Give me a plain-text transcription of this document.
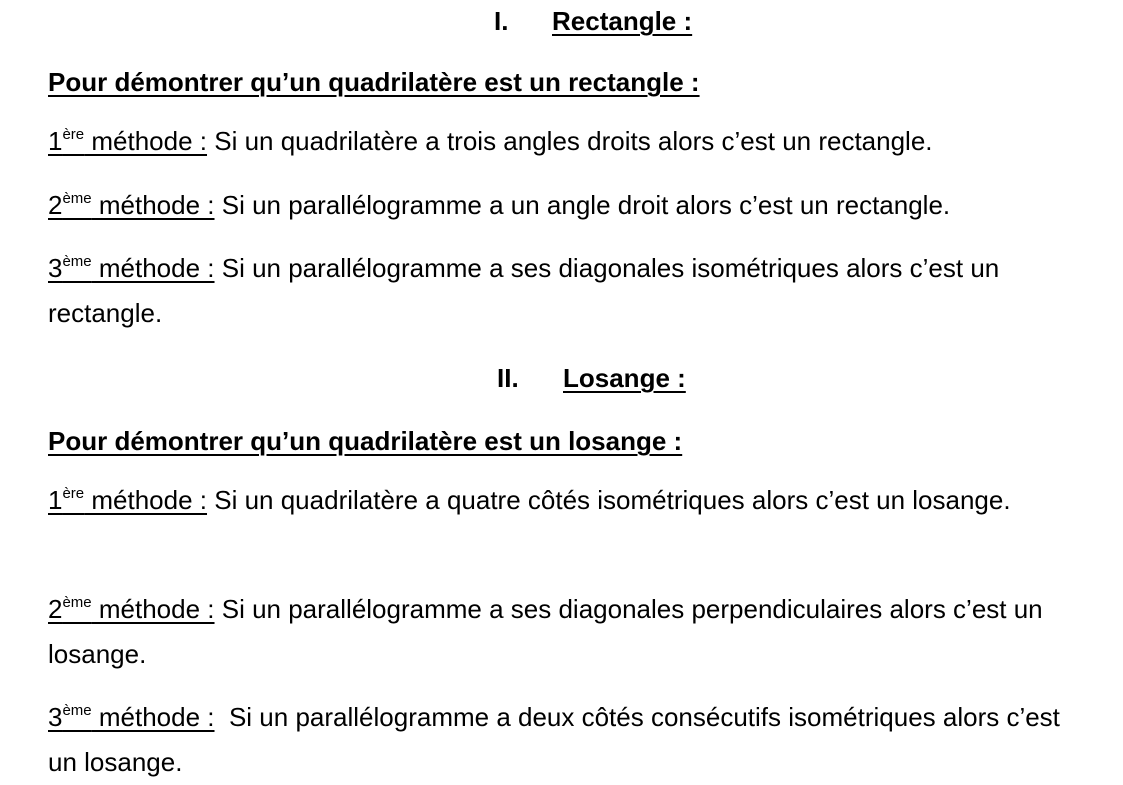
I. Rectangle :
Pour démontrer qu’un quadrilatère est un rectangle :
1ère méthode : Si un quadrilatère a trois angles droits alors c’est un rectangle.
2ème méthode : Si un parallélogramme a un angle droit alors c’est un rectangle.
3ème méthode : Si un parallélogramme a ses diagonales isométriques alors c’est un rectangle.
II. Losange :
Pour démontrer qu’un quadrilatère est un losange :
1ère méthode : Si un quadrilatère a quatre côtés isométriques alors c’est un losange.
2ème méthode : Si un parallélogramme a ses diagonales perpendiculaires alors c’est un losange.
3ème méthode :  Si un parallélogramme a deux côtés consécutifs isométriques alors c’est un losange.
